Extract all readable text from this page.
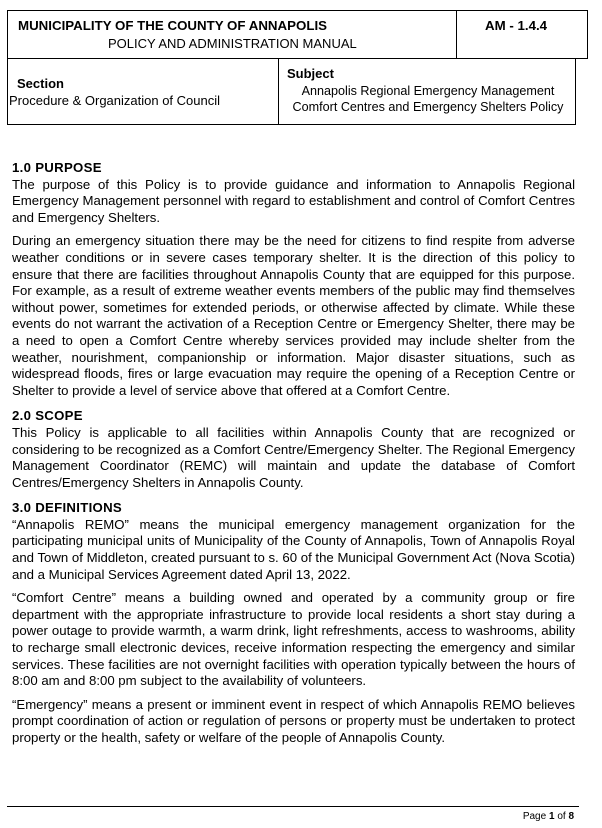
MUNICIPALITY OF THE COUNTY OF ANNAPOLIS
POLICY AND ADMINISTRATION MANUAL
AM - 1.4.4
Section
Procedure & Organization of Council
Subject
Annapolis Regional Emergency Management
Comfort Centres and Emergency Shelters Policy
1.0 PURPOSE

The purpose of this Policy is to provide guidance and information to Annapolis Regional Emergency Management personnel with regard to establishment and control of Comfort Centres and Emergency Shelters.

During an emergency situation there may be the need for citizens to find respite from adverse weather conditions or in severe cases temporary shelter. It is the direction of this policy to ensure that there are facilities throughout Annapolis County that are equipped for this purpose. For example, as a result of extreme weather events members of the public may find themselves without power, sometimes for extended periods, or otherwise affected by climate. While these events do not warrant the activation of a Reception Centre or Emergency Shelter, there may be a need to open a Comfort Centre whereby services provided may include shelter from the weather, nourishment, companionship or information. Major disaster situations, such as widespread floods, fires or large evacuation may require the opening of a Reception Centre or Shelter to provide a level of service above that offered at a Comfort Centre.

2.0 SCOPE

This Policy is applicable to all facilities within Annapolis County that are recognized or considering to be recognized as a Comfort Centre/Emergency Shelter. The Regional Emergency Management Coordinator (REMC) will maintain and update the database of Comfort Centres/Emergency Shelters in Annapolis County.

3.0 DEFINITIONS

“Annapolis REMO” means the municipal emergency management organization for the participating municipal units of Municipality of the County of Annapolis, Town of Annapolis Royal and Town of Middleton, created pursuant to s. 60 of the Municipal Government Act (Nova Scotia) and a Municipal Services Agreement dated April 13, 2022.

“Comfort Centre” means a building owned and operated by a community group or fire department with the appropriate infrastructure to provide local residents a short stay during a power outage to provide warmth, a warm drink, light refreshments, access to washrooms, ability to recharge small electronic devices, receive information respecting the emergency and similar services. These facilities are not overnight facilities with operation typically between the hours of 8:00 am and 8:00 pm subject to the availability of volunteers.

“Emergency” means a present or imminent event in respect of which Annapolis REMO believes prompt coordination of action or regulation of persons or property must be undertaken to protect property or the health, safety or welfare of the people of Annapolis County.

Page 1 of 8
